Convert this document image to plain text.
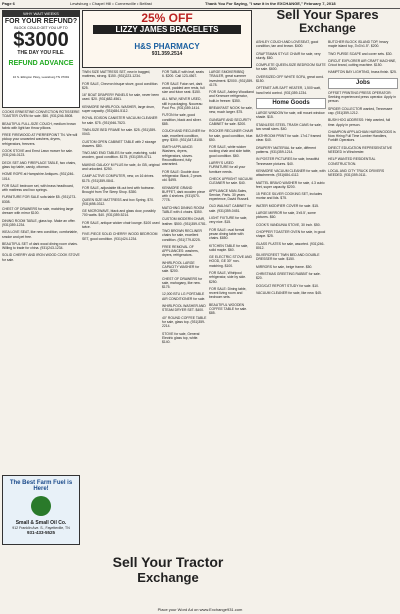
Page 6	Lewisburg • Chapel Hill • Cornersville • Belfast	Thank You For Saying, "I saw it in the EXCHANGE," February 7, 2018
WHY WAIT WEEKS
FOR YOUR REFUND?
BLOCK COULD GET YOU UP TO
$3000
THE DAY YOU FILE.
REFUND ADVANCE
10 S. Ellington Pkwy, Lewisburg TN 37091
25% OFF
LIZZY JAMES BRACELETS
H&S PHARMACY
931.359.2514
Sell Your Spares
Exchange

COOKS ERNESTINE CONVECTION ROTISSERIE TOASTER OVEN for sale. $50. (931)246-5508.

BEAUTIFUL FULL-SIZE COUCH, medium brown fabric with light tan throw pillows.

FREE FIREWOOD AT PIERREPOINT TN. We will pickup your unwanted washers, dryers, refrigerators, freezers.

COOK STOVE and Ernst Lawn mower for sale. (931)246-0123.

DECK SET AND FIREPLACE TABLE, two chairs, glass top table, candy, ottoman.

HOME ROPE at Hampshire Antiques. (931)246-1014.

FOR SALE bedroom set, with brass headboard, with mattress and box springs.

FURNITURE FOR SALE sofa table $5. (931)273-8308.

CHEST OF DRAWERS for sale, matching large dresser with mirror $100.

DINING ROOM TABLE, glass top. Make an offer. (931)359-1234.

IKEA LOVE SEAT, like new condition, comfortable, smoke and pet free.

BEAUTIFUL SET of dark wood dining room chairs. Willing to trade for china. (931)243-1234.

SOLID CHERRY AND IRON WOOD COOK STOVE for sale.

TWIN SIZE MATTRESS SET, new in bagged, mattress, strong. $150. (931)223-1234.

FOR SALE, Chevron bisque stove, good condition. $25.

16" BOAT DRAPERY PANELS for sale, never been used. $20. (931)682-4561.

KENMORE WHIRLPOOL WASHER, large drum, super capacity. (931)684-5112.

ROYAL EDISON CANISTER VACUUM CLEANER for sale. $75. (931)946-7523.

TWIN-SIZE BED FRAME for sale. $25. (931)359-0043.

CUSTOM OPEN CABINET TABLE with 2 storage drawers. $80.

TWO AND END TABLES for sale, matching, solid wooden, good condition. $175. (931)359-4711.

MAKING GALAXY M PLUS for sale, 4x GB, original and unlocked. $250.

CAMP ACTIVE COMPUTER, new, on 16 drives. $175. (931)359-0841.

FOR SALE, adjustable tilt-out bed with footwear. Brought from The Sleep Shop. $350.

QUEEN SIZE MATTRESS and box Spring. $70. (931)698-0312.

GE MICROWAVE, black and glass door, possibly 700 watts. $40. (931)359-5214.

FOR SALE, antique wicker chair lounge. $100 used twice.

FIVE-PIECE SOLID CHERRY WOOD BEDROOM SET, good condition. (931)424-1234.

FOR TABLE with leaf, seats 6. $200. Call 123-4567.

FOR SALE Futon set, dark wood, padded arm rests, full size and futon seat. $150.

ALL NEW, NEVER USED, still in packaging. Nouveau Pool Pro. (931)359-1414.

FUTON for sale, good condition, black and silver. $85.

COUCH AND RECLINER for sale, excellent condition, grey. $300. (931)347-8108.

SMITH APPLIANCE: Washers, dryers, refrigerators, stoves. Reconditioned, fully warranted.

FOR SALE: Double door refrigerator. Black, 2 years old. $495.

KENMORE GRAND BUFFET, dark wooden piece with 4 shelves. (931)570-7778.

MATCHING DINING ROOM TABLE with 4 chairs. $350.

CUSTOM MODERN CHAIR, leather. $500. (931)359-0781.

TWO BROWN RECLINER chairs for sale, excellent condition. (931)779-8225.

FREE REMOVAL OF APPLIANCES: washers, dryers, refrigerators.

WHIRLPOOL LARGE CAPACITY WASHER for sale. $200.

CHEST OF DRAWERS for sale, mahogany, like new. $175.

12,000 BTU LG PORTABLE AIR CONDITIONER for sale.

WHIRLPOOL WASHER AND STEAM DRYER SET. $400.

40" ROUND COFFEE TABLE for sale, glass top. (931)359-2214.

STOVE for sale, General Electric glass top, white. $140.

LARGE SMOKER/BBQ TRAILER, great summer investment. $2000. (931)359-4178.

FOR SALE, Ashley Woodland and Kenmore refrigerator, built-in freezer. $350.

BREAKFAST NOOK for sale, new, much larger. $75.

GUNSAFE AND SECURITY CABINET for sale. $200.

ROCKER RECLINER CHAIR for sale, good condition, blue. $50.

FOR SALE, white wicker rocking chair and side table, good condition. $60.

LARRY'S USED FURNITURE for all your furniture needs.

CHECK UPRIGHT VACUUM CLEANER for sale. $40.

APPLIANCE MAN-Sales, Service, Parts. 30 years experience, David Russell.

OLD WALNUT CABINET for sale. (931)359-0451.

LIGHT FIXTURE for sale, very nice. $15.

FOR SALE: oval formal pecan dining table with chairs. $850.

KITCHEN TABLE for sale, solid maple. $60.

GE ELECTRIC STOVE AND HOOD, GE 30" non-matching. $100.

FOR SALE, Whirlpool refrigerator, side by side. $250.

FOR SALE: Dining table, recent living room and bedroom sets.

BEAUTIFUL WOODEN COFFEE TABLE for sale. $85.

ASHLEY COUCH AND LOVESEAT, good condition, tan and brown. $400.

CRAFTSMAN STYLE CHAIR for sale, very sturdy. $60.

COMPLETE QUEEN-SIZE BEDROOM SUITE for sale. $600.

OVERSIZED OFF WHITE SOFA, great cond. $150.

OFTENET AIR-SAFT HEATER, 1,500 watt, hand held control. (931)359-1234.

Home Goods

LARGE WINDOW for sale, will mount window shade. $15.

STAINLESS STEEL TRASH CANS for sale, two small sizes. $40.

BATHROOM PRINT for sale. 17x17 framed clear. $40.

DRAPERY MATERIAL for sale, different patterns. (931)359-1214.

IN POSTER PICTURES for sale, beautiful Tennessee pictures. $40.

KENMORE VACUUM CLEANER for sale, with attachments. (931)684-4112.

MATTEL BRAVO WASHER for sale, 4.3 cubic feet, super capacity. $200.

15 PIECE SILVER COOKING SET, includes mortar and lids. $75.

WATER MODIFIER COVER for sale. $15.

LARGE MIRROR for sale, 3'x5.5', some pictures. $60.

COOK'S VANDUNIA STOVE, 30 inch. $50.

CHOPPER TOASTER OVEN for sale, in good shape. $25.

GLASS PLATES for sale, assorted. (931)246-8012.

SILVERCREST TWIN BED AND DOUBLE DRESSER for sale. $150.

MIRRORS for sale, beige frame. $50.

CHRISTMAS GREETING RABBIT for sale. $20.

DOG/CAT REPORT STUDY for sale. $10.

VACUUM CLEANER for sale, like new. $45.

BUTCHER BLOCK ISLAND TOP, heavy maple island top, 3'x3'x1.5". $200.

TWO PURSE SCAPE and cover sets. $30.

CIRCUT EXPLORER AIR CRAFT MACHINE, Cricut brand, cutting machine. $150.

HAMPTON BAY LIGHTING, brass finish. $25.

Jobs

OFFSET PRINTING PRESS OPERATOR: Seeking experienced press operator. Apply in person.

SPIDER COLLECTOR wanted, Tennessee cap. (931)359-1212.

BUSH HOG ADDRESS: Help wanted, full time. Apply in person.

CHAMPION APPLACHIAN HARDWOODS is Now Hiring Full Time Lumber Handlers, Forklift Operators.

DIRECT EDUCATION REPRESENTATIVE NEEDED in Winchester.

HELP WANTED RESIDENTIAL CONSTRUCTION.

LOCAL AND CITY TRUCK DRIVERS NEEDED. (931)359-0111.

The Best Farm Fuel is Here!
Small & Small Oil Co.
912 Franklin Ave. S., Fayetteville, TN
931-433-5525
Sell Your Tractor
Exchange
Place your Word Ad on www.Exchange931.com
